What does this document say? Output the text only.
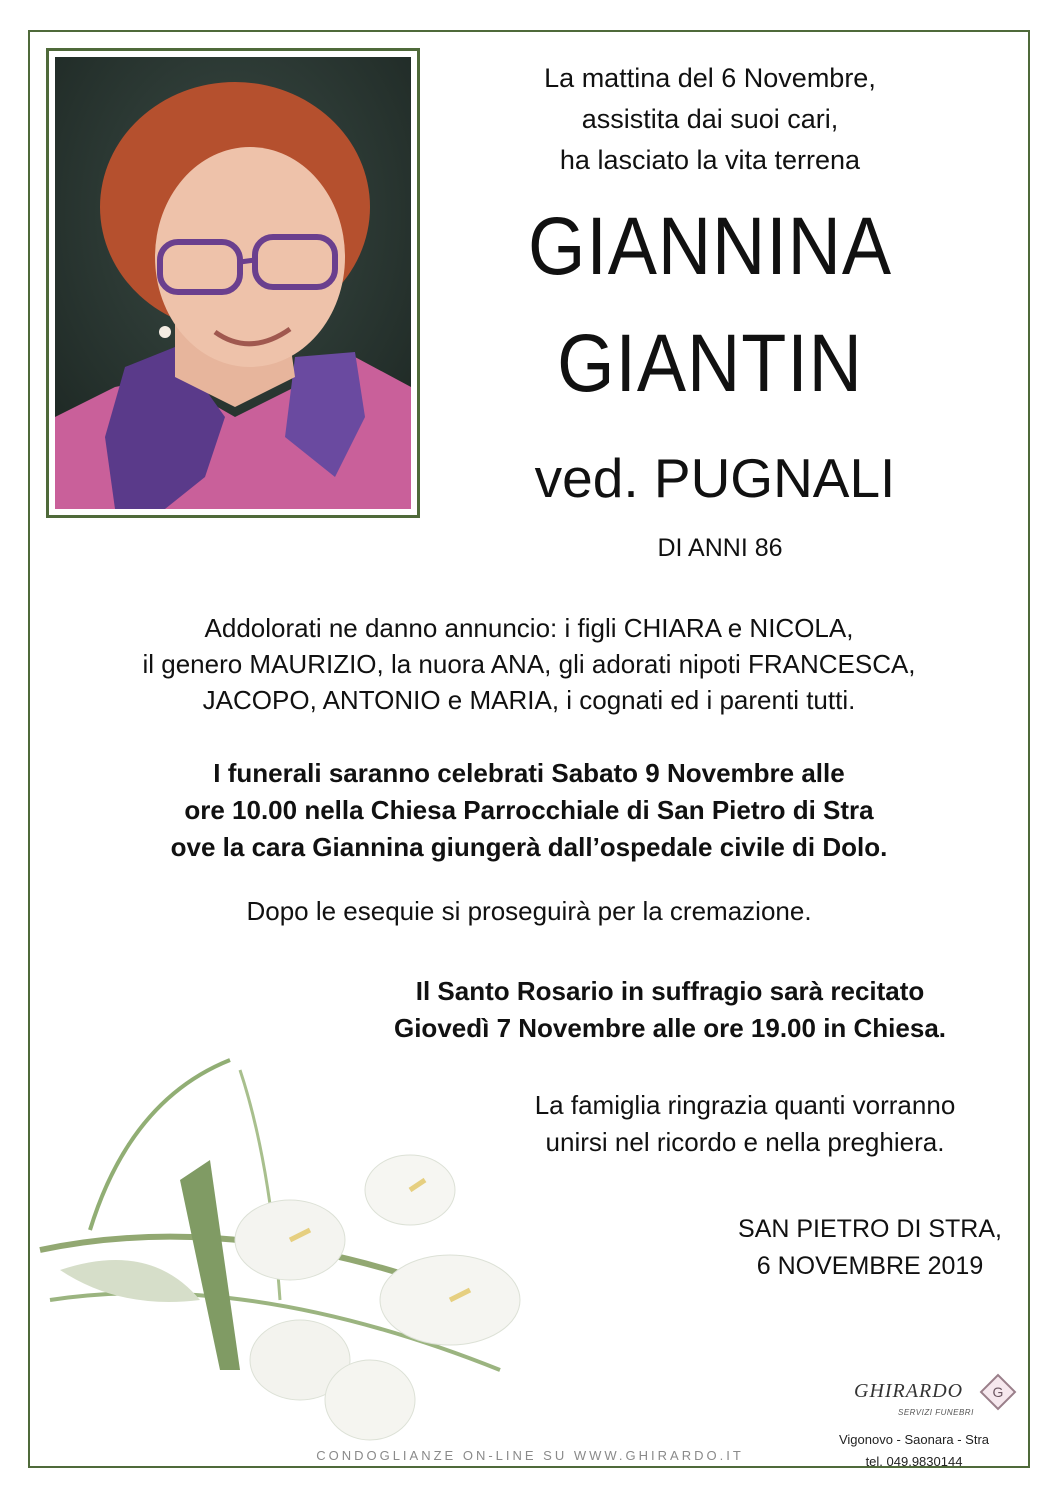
La mattina del 6 Novembre,
assistita dai suoi cari,
ha lasciato la vita terrena
GIANNINA
GIANTIN
ved. PUGNALI
DI ANNI 86
Addolorati ne danno annuncio: i figli CHIARA e NICOLA,
il genero MAURIZIO, la nuora ANA, gli adorati nipoti FRANCESCA,
JACOPO, ANTONIO e MARIA, i cognati ed i parenti tutti.
I funerali saranno celebrati Sabato 9 Novembre alle
ore 10.00 nella Chiesa Parrocchiale di San Pietro di Stra
ove la cara Giannina giungerà dall’ospedale civile di Dolo.
Dopo le esequie si proseguirà per la cremazione.
Il Santo Rosario in suffragio sarà recitato
Giovedì 7 Novembre alle ore 19.00 in Chiesa.
La famiglia ringrazia quanti vorranno
unirsi nel ricordo e nella preghiera.
SAN PIETRO DI STRA,
6 NOVEMBRE 2019
CONDOGLIANZE ON-LINE SU WWW.GHIRARDO.IT
GHIRARDO
SERVIZI FUNEBRI
G
Vigonovo - Saonara - Stra
tel. 049.9830144
